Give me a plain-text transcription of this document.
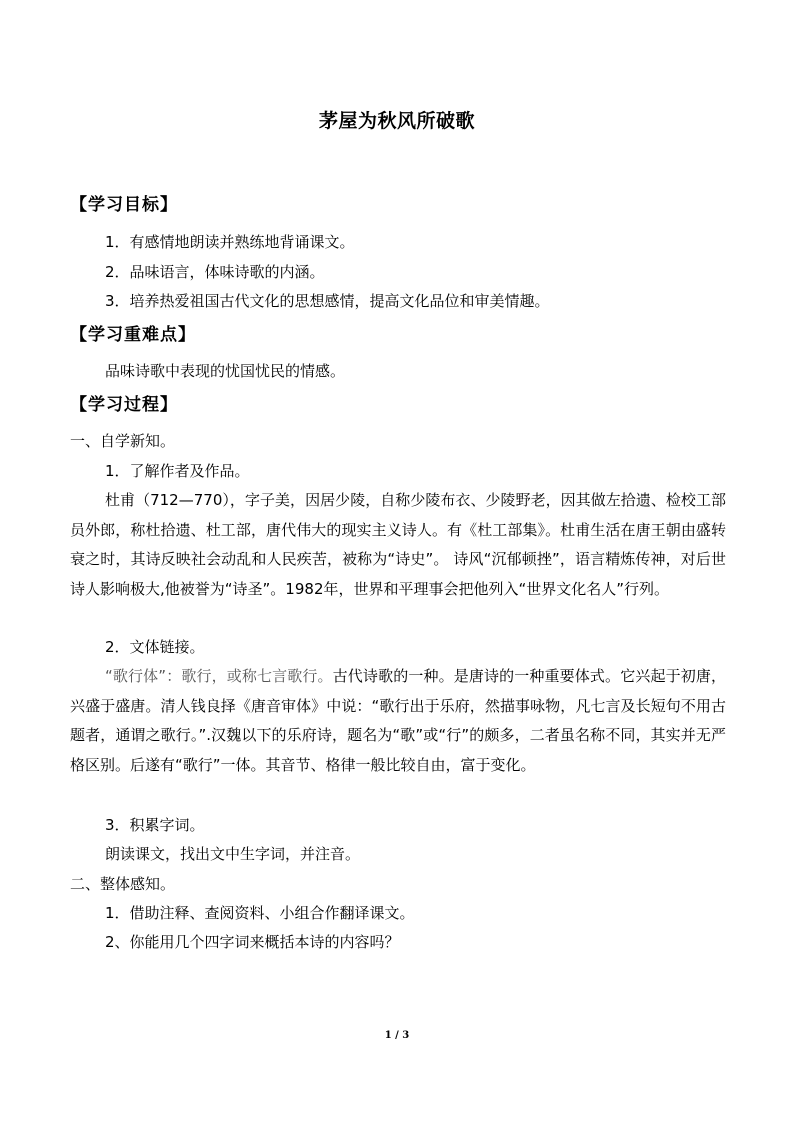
茅屋为秋风所破歌
【学习目标】
1．有感情地朗读并熟练地背诵课文。
2．品味语言，体味诗歌的内涵。
3．培养热爱祖国古代文化的思想感情，提高文化品位和审美情趣。
【学习重难点】
品味诗歌中表现的忧国忧民的情感。
【学习过程】
一、自学新知。
1．了解作者及作品。
杜甫（712—770），字子美，因居少陵，自称少陵布衣、少陵野老，因其做左拾遗、检校工部员外郎，称杜拾遗、杜工部，唐代伟大的现实主义诗人。有《杜工部集》。杜甫生活在唐王朝由盛转衰之时，其诗反映社会动乱和人民疾苦，被称为“诗史”。 诗风“沉郁顿挫”，语言精炼传神，对后世诗人影响极大,他被誉为“诗圣”。1982年，世界和平理事会把他列入“世界文化名人”行列。
2．文体链接。
“歌行体”：歌行，或称七言歌行。古代诗歌的一种。是唐诗的一种重要体式。它兴起于初唐，兴盛于盛唐。清人钱良择《唐音审体》中说：“歌行出于乐府，然描事咏物，凡七言及长短句不用古题者，通谓之歌行。”.汉魏以下的乐府诗，题名为“歌”或“行”的颇多，二者虽名称不同，其实并无严格区别。后遂有“歌行”一体。其音节、格律一般比较自由，富于变化。
3．积累字词。
朗读课文，找出文中生字词，并注音。
二、整体感知。
1．借助注释、查阅资料、小组合作翻译课文。
2、你能用几个四字词来概括本诗的内容吗？
1 / 3
